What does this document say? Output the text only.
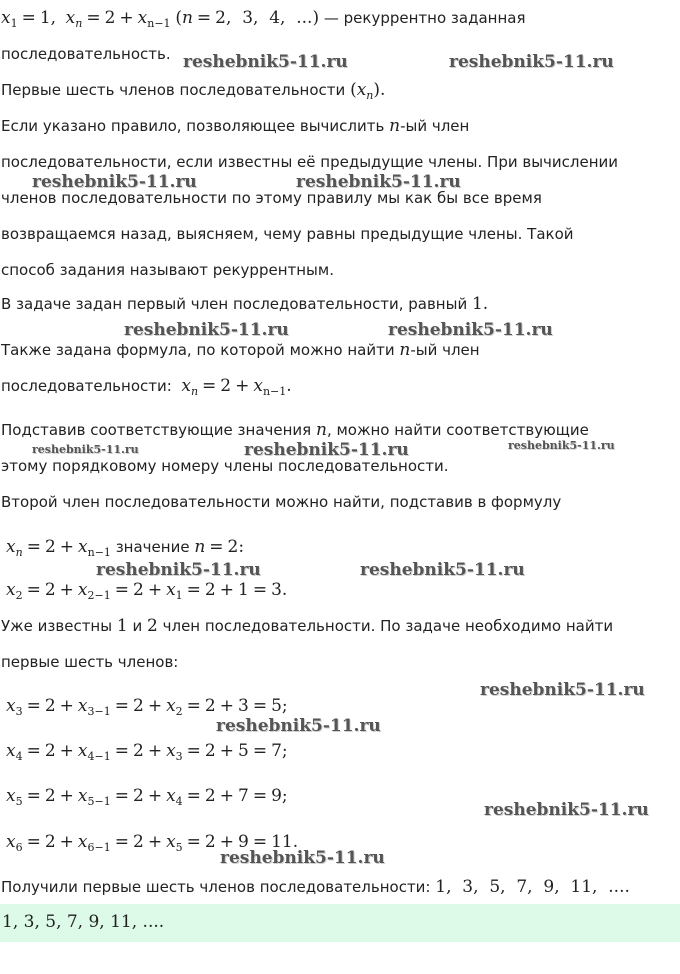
$x_1 = 1$, $x_n = 2 + x_{n-1}$ (n = 2,  3,  4,  ...) — рекуррентно заданная
последовательность.
Первые шесть членов последовательности $(x_n)$.
Если указано правило, позволяющее вычислить n-ый член
последовательности, если известны её предыдущие члены. При вычислении
членов последовательности по этому правилу мы как бы все время
возвращаемся назад, выясняем, чему равны предыдущие члены. Такой
способ задания называют рекуррентным.
В задаче задан первый член последовательности, равный 1.
Также задана формула, по которой можно найти n-ый член
последовательности: $x_n = 2 + x_{n-1}$.
Подставив соответствующие значения n, можно найти соответствующие
этому порядковому номеру члены последовательности.
Второй член последовательности можно найти, подставив в формулу
$x_n = 2 + x_{n-1}$ значение n = 2:
$x_2 = 2 + x_{2-1} = 2 + x_1 = 2 + 1 = 3$.
Уже известны 1 и 2 член последовательности. По задаче необходимо найти
первые шесть членов:
$x_3 = 2 + x_{3-1} = 2 + x_2 = 2 + 3 = 5$;
$x_4 = 2 + x_{4-1} = 2 + x_3 = 2 + 5 = 7$;
$x_5 = 2 + x_{5-1} = 2 + x_4 = 2 + 7 = 9$;
$x_6 = 2 + x_{6-1} = 2 + x_5 = 2 + 9 = 11$.
Получили первые шесть членов последовательности: 1,  3,  5,  7,  9,  11,  ....
1, 3, 5, 7, 9, 11, ....
reshebnik5-11.ru	reshebnik5-11.ru
reshebnik5-11.ru	reshebnik5-11.ru
reshebnik5-11.ru	reshebnik5-11.ru
reshebnik5-11.ru	reshebnik5-11.ru	reshebnik5-11.ru
reshebnik5-11.ru	reshebnik5-11.ru
reshebnik5-11.ru
reshebnik5-11.ru
reshebnik5-11.ru
reshebnik5-11.ru
